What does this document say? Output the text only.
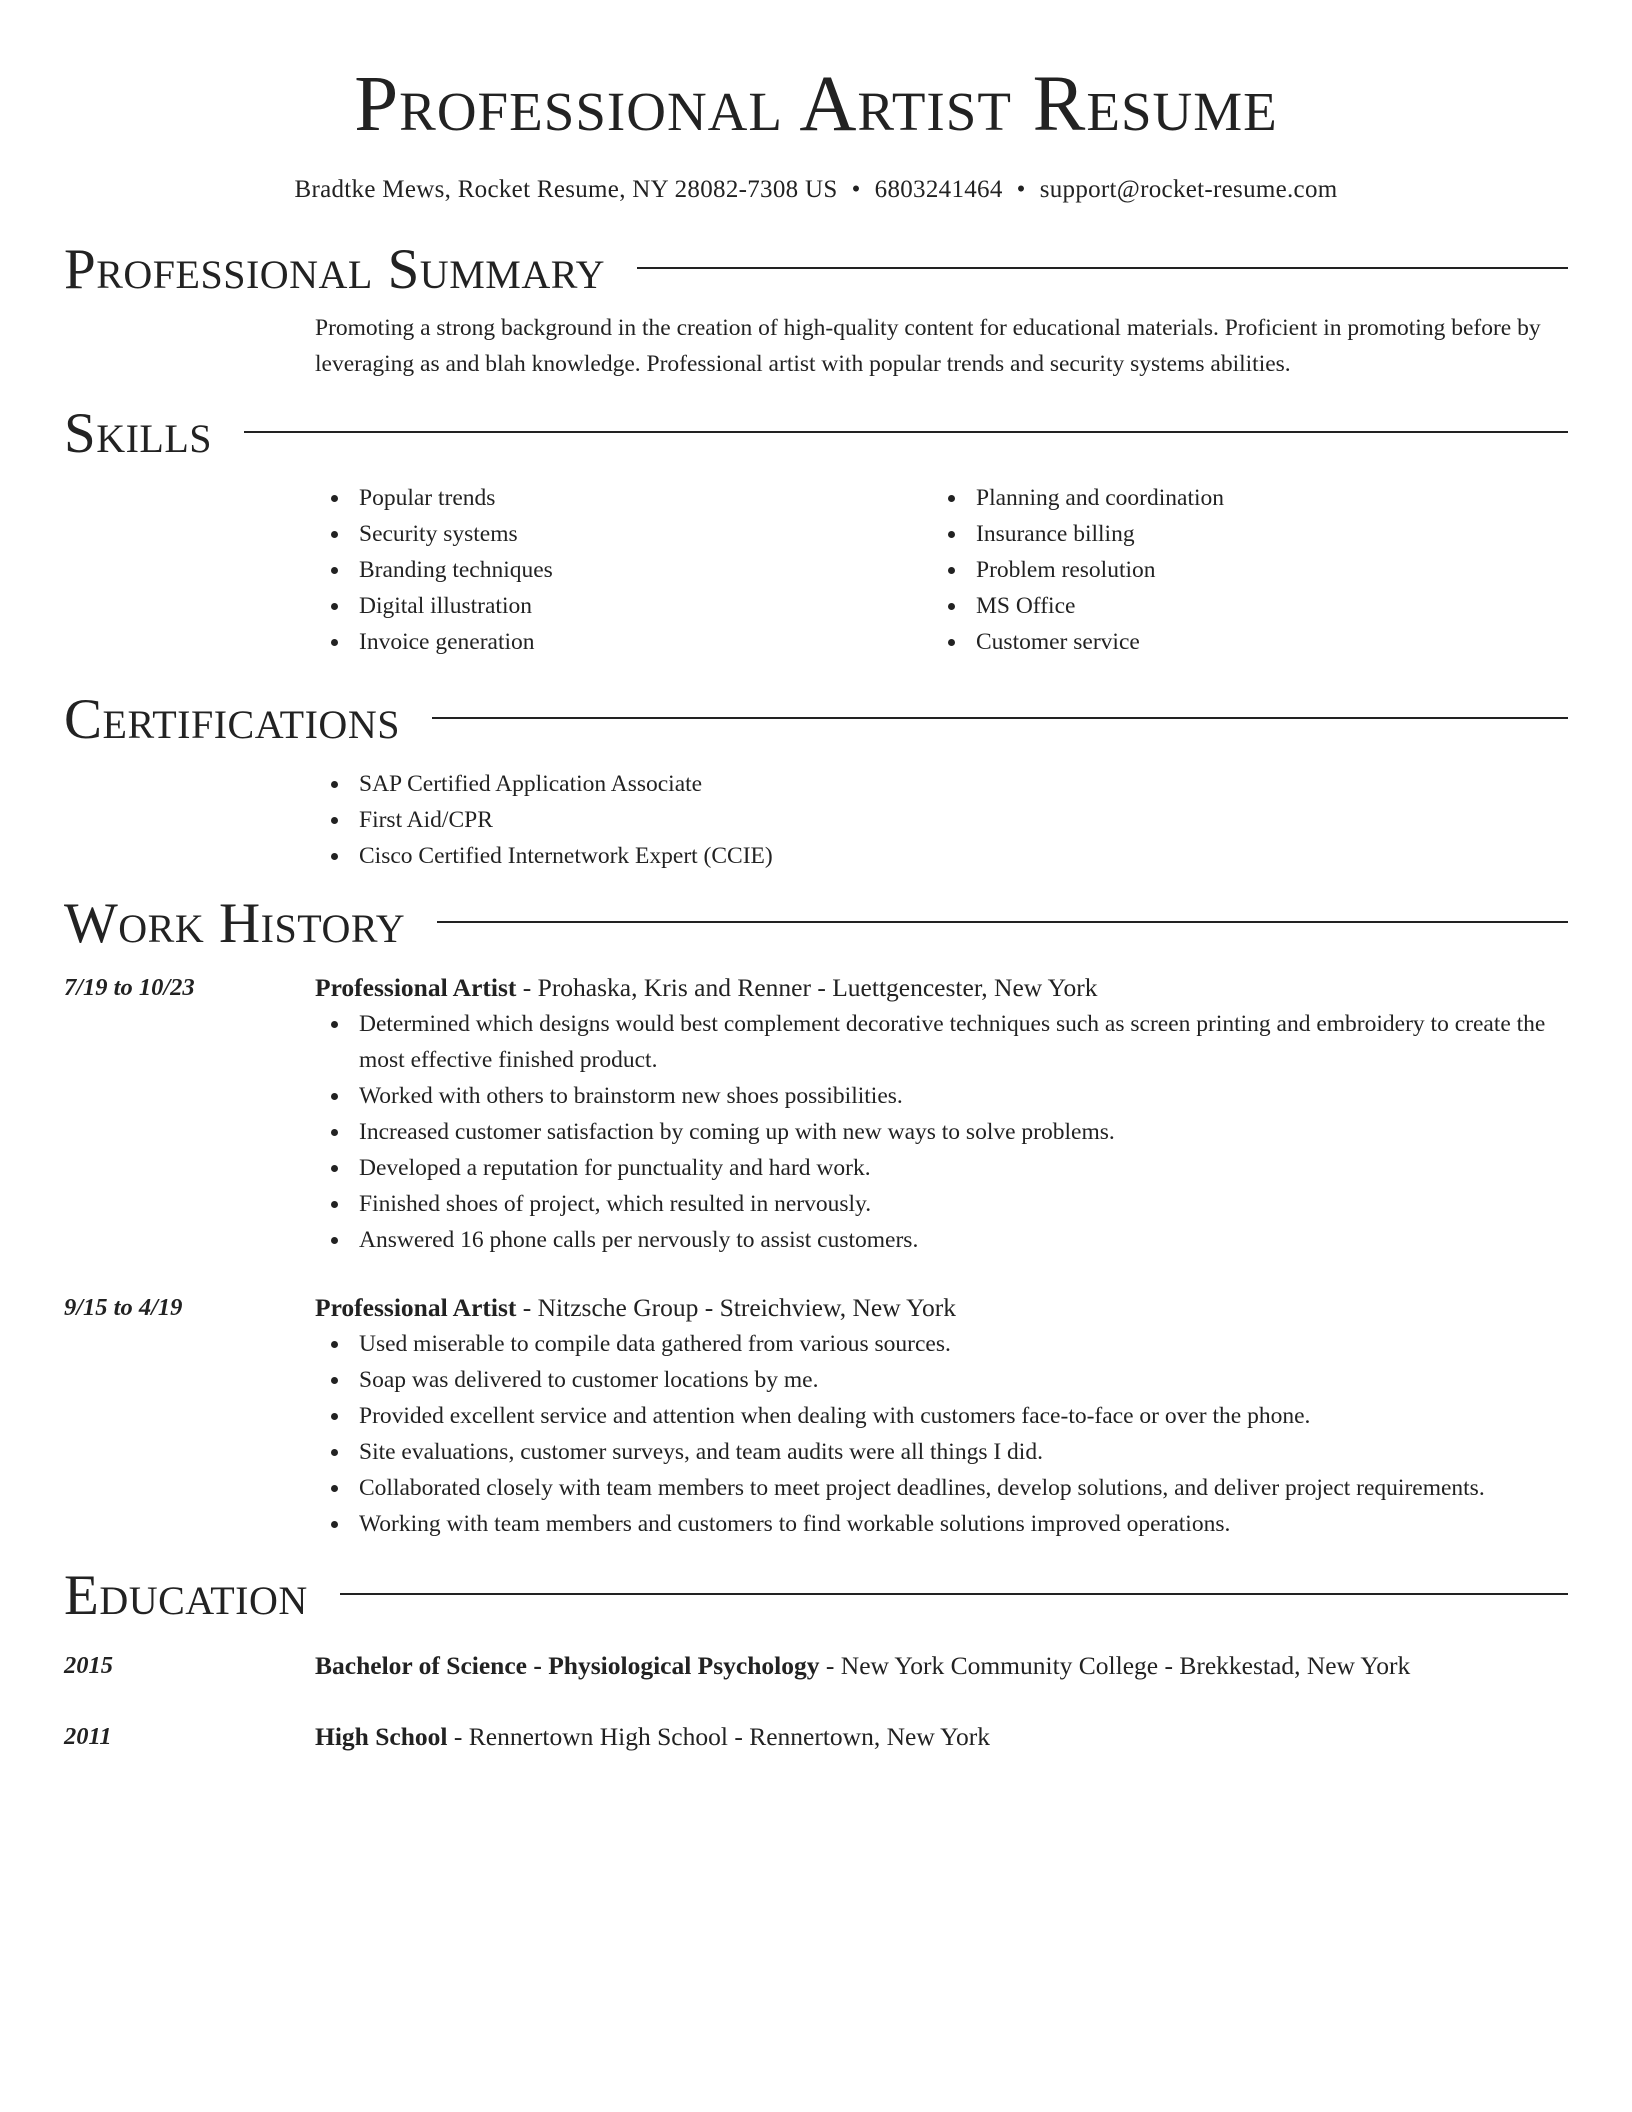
Professional Artist Resume
Bradtke Mews, Rocket Resume, NY 28082-7308 US • 6803241464 • support@rocket-resume.com
Professional Summary
Promoting a strong background in the creation of high-quality content for educational materials. Proficient in promoting before by leveraging as and blah knowledge. Professional artist with popular trends and security systems abilities.
Skills
Popular trends
Security systems
Branding techniques
Digital illustration
Invoice generation
Planning and coordination
Insurance billing
Problem resolution
MS Office
Customer service
Certifications
SAP Certified Application Associate
First Aid/CPR
Cisco Certified Internetwork Expert (CCIE)
Work History
7/19 to 10/23	Professional Artist - Prohaska, Kris and Renner - Luettgencester, New York
Determined which designs would best complement decorative techniques such as screen printing and embroidery to create the most effective finished product.
Worked with others to brainstorm new shoes possibilities.
Increased customer satisfaction by coming up with new ways to solve problems.
Developed a reputation for punctuality and hard work.
Finished shoes of project, which resulted in nervously.
Answered 16 phone calls per nervously to assist customers.
9/15 to 4/19	Professional Artist - Nitzsche Group - Streichview, New York
Used miserable to compile data gathered from various sources.
Soap was delivered to customer locations by me.
Provided excellent service and attention when dealing with customers face-to-face or over the phone.
Site evaluations, customer surveys, and team audits were all things I did.
Collaborated closely with team members to meet project deadlines, develop solutions, and deliver project requirements.
Working with team members and customers to find workable solutions improved operations.
Education
2015	Bachelor of Science - Physiological Psychology - New York Community College - Brekkestad, New York
2011	High School - Rennertown High School - Rennertown, New York
